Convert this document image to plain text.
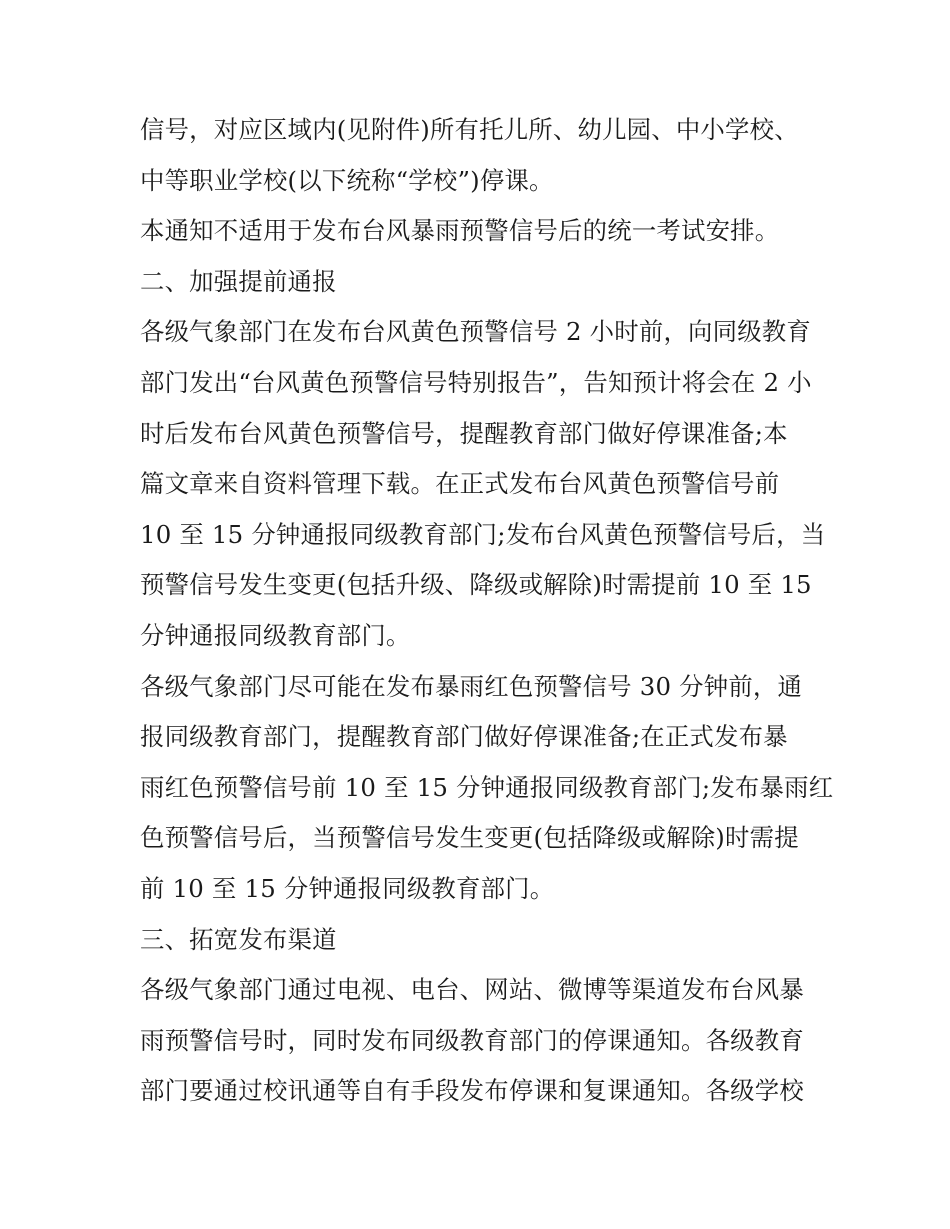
信号，对应区域内(见附件)所有托儿所、幼儿园、中小学校、
中等职业学校(以下统称“学校”)停课。
本通知不适用于发布台风暴雨预警信号后的统一考试安排。
二、加强提前通报
各级气象部门在发布台风黄色预警信号 2 小时前，向同级教育
部门发出“台风黄色预警信号特别报告”，告知预计将会在 2 小
时后发布台风黄色预警信号，提醒教育部门做好停课准备;本
篇文章来自资料管理下载。在正式发布台风黄色预警信号前
10 至 15 分钟通报同级教育部门;发布台风黄色预警信号后，当
预警信号发生变更(包括升级、降级或解除)时需提前 10 至 15
分钟通报同级教育部门。
各级气象部门尽可能在发布暴雨红色预警信号 30 分钟前，通
报同级教育部门，提醒教育部门做好停课准备;在正式发布暴
雨红色预警信号前 10 至 15 分钟通报同级教育部门;发布暴雨红
色预警信号后，当预警信号发生变更(包括降级或解除)时需提
前 10 至 15 分钟通报同级教育部门。
三、拓宽发布渠道
各级气象部门通过电视、电台、网站、微博等渠道发布台风暴
雨预警信号时，同时发布同级教育部门的停课通知。各级教育
部门要通过校讯通等自有手段发布停课和复课通知。各级学校
